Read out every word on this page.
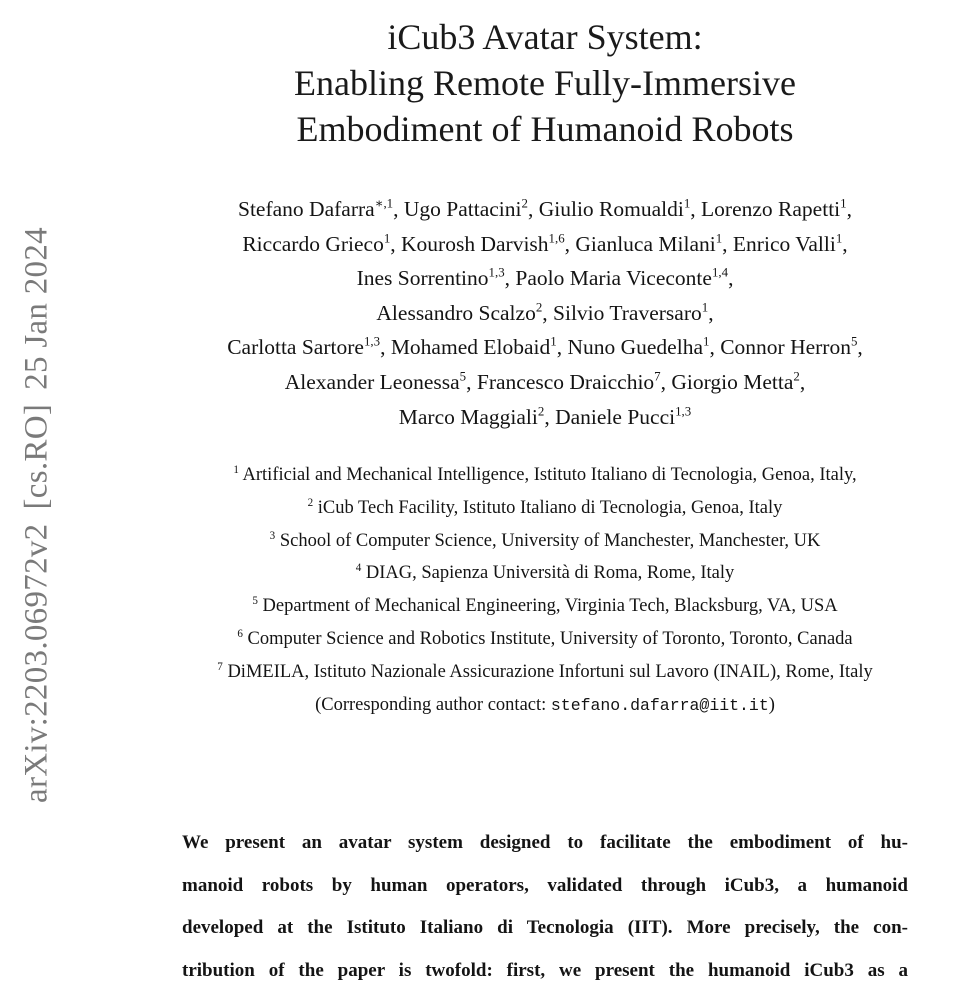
arXiv:2203.06972v2[cs.RO]25 Jan 2024
iCub3 Avatar System:
Enabling Remote Fully-Immersive
Embodiment of Humanoid Robots
Stefano Dafarra$^{∗,1}$, Ugo Pattacini$^2$, Giulio Romualdi$^1$, Lorenzo Rapetti$^1$,
Riccardo Grieco$^1$, Kourosh Darvish$^{1,6}$, Gianluca Milani$^1$, Enrico Valli$^1$,
Ines Sorrentino$^{1,3}$, Paolo Maria Viceconte$^{1,4}$,
Alessandro Scalzo$^2$, Silvio Traversaro$^1$,
Carlotta Sartore$^{1,3}$, Mohamed Elobaid$^1$, Nuno Guedelha$^1$, Connor Herron$^5$,
Alexander Leonessa$^5$, Francesco Draicchio$^7$, Giorgio Metta$^2$,
Marco Maggiali$^2$, Daniele Pucci$^{1,3}$
$^1$ Artificial and Mechanical Intelligence, Istituto Italiano di Tecnologia, Genoa, Italy,
$^2$ iCub Tech Facility, Istituto Italiano di Tecnologia, Genoa, Italy
$^3$ School of Computer Science, University of Manchester, Manchester, UK
$^4$ DIAG, Sapienza Università di Roma, Rome, Italy
$^5$ Department of Mechanical Engineering, Virginia Tech, Blacksburg, VA, USA
$^6$ Computer Science and Robotics Institute, University of Toronto, Toronto, Canada
$^7$ DiMEILA, Istituto Nazionale Assicurazione Infortuni sul Lavoro (INAIL), Rome, Italy
(Corresponding author contact: stefano.dafarra@iit.it)
We present an avatar system designed to facilitate the embodiment of hu-
manoid robots by human operators, validated through iCub3, a humanoid
developed at the Istituto Italiano di Tecnologia (IIT). More precisely, the con-
tribution of the paper is twofold: first, we present the humanoid iCub3 as a
